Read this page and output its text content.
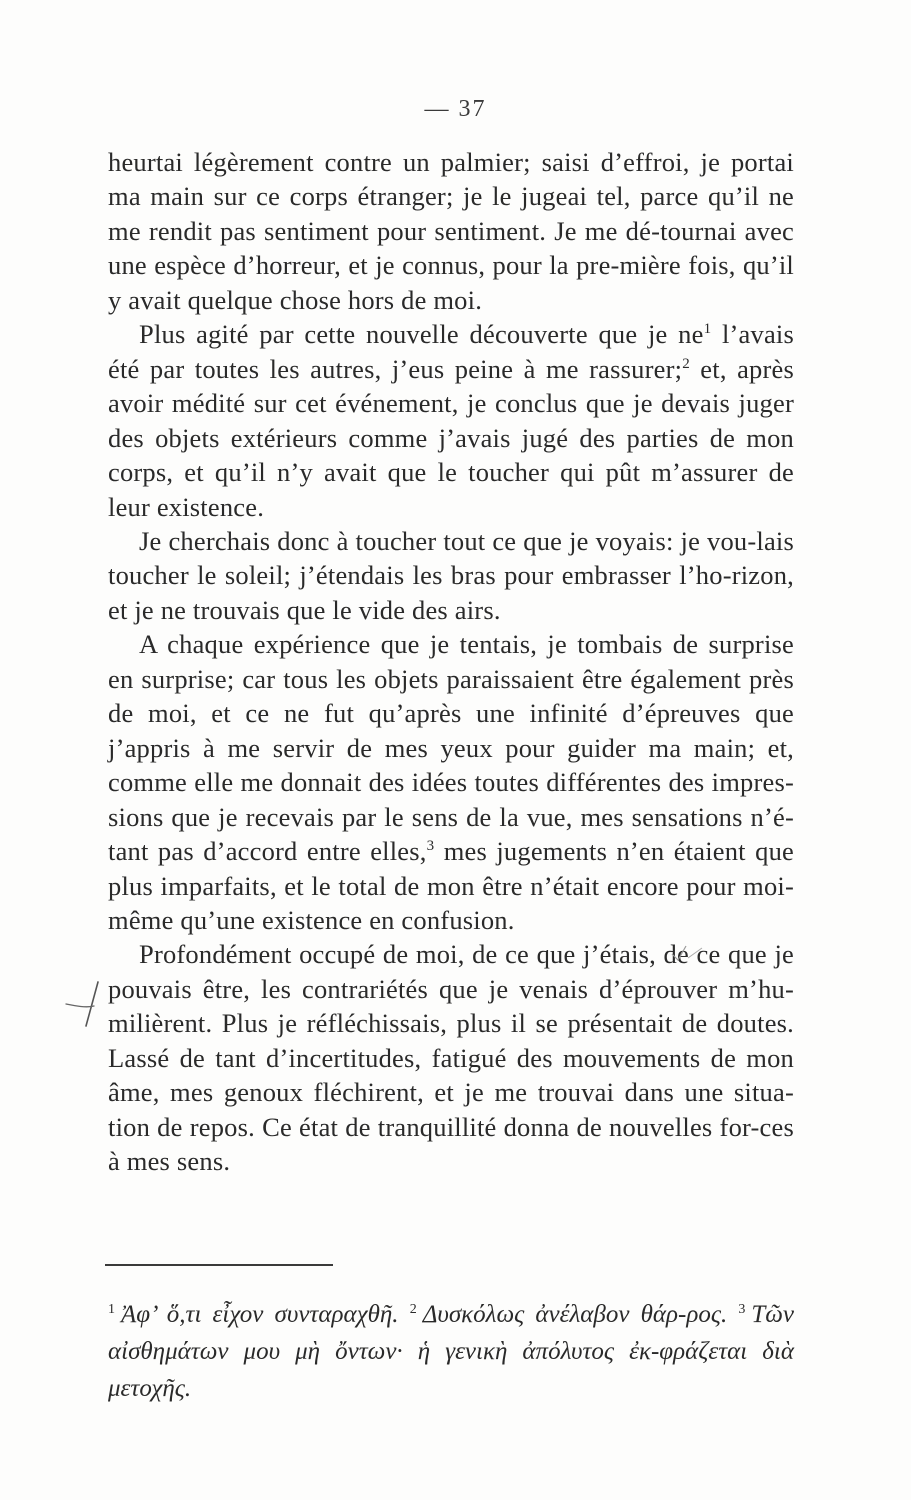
— 37

heurtai légèrement contre un palmier; saisi d’effroi, je portai ma main sur ce corps étranger; je le jugeai tel, parce qu’il ne me rendit pas sentiment pour sentiment. Je me dé-tournai avec une espèce d’horreur, et je connus, pour la pre-mière fois, qu’il y avait quelque chose hors de moi.

Plus agité par cette nouvelle découverte que je ne$^1$ l’avais été par toutes les autres, j’eus peine à me rassurer;$^2$ et, après avoir médité sur cet événement, je conclus que je devais juger des objets extérieurs comme j’avais jugé des parties de mon corps, et qu’il n’y avait que le toucher qui pût m’assurer de leur existence.

Je cherchais donc à toucher tout ce que je voyais: je vou-lais toucher le soleil; j’étendais les bras pour embrasser l’ho-rizon, et je ne trouvais que le vide des airs.

A chaque expérience que je tentais, je tombais de surprise en surprise; car tous les objets paraissaient être également près de moi, et ce ne fut qu’après une infinité d’épreuves que j’appris à me servir de mes yeux pour guider ma main; et, comme elle me donnait des idées toutes différentes des impres-sions que je recevais par le sens de la vue, mes sensations n’é-tant pas d’accord entre elles,$^3$ mes jugements n’en étaient que plus imparfaits, et le total de mon être n’était encore pour moi-même qu’une existence en confusion.

Profondément occupé de moi, de ce que j’étais, de ce que je pouvais être, les contrariétés que je venais d’éprouver m’hu-milièrent. Plus je réfléchissais, plus il se présentait de doutes. Lassé de tant d’incertitudes, fatigué des mouvements de mon âme, mes genoux fléchirent, et je me trouvai dans une situa-tion de repos. Ce état de tranquillité donna de nouvelles for-ces à mes sens.

$^1$ Ἀφ’ ὅ,τι εἶχον συνταραχθῆ. $^2$ Δυσκόλως ἀνέλαβον θάρ-ρος. $^3$ Τῶν αἰσθημάτων μου μὴ ὄντων· ἡ γενικὴ ἀπόλυτος ἐκ-φράζεται διὰ μετοχῆς.
